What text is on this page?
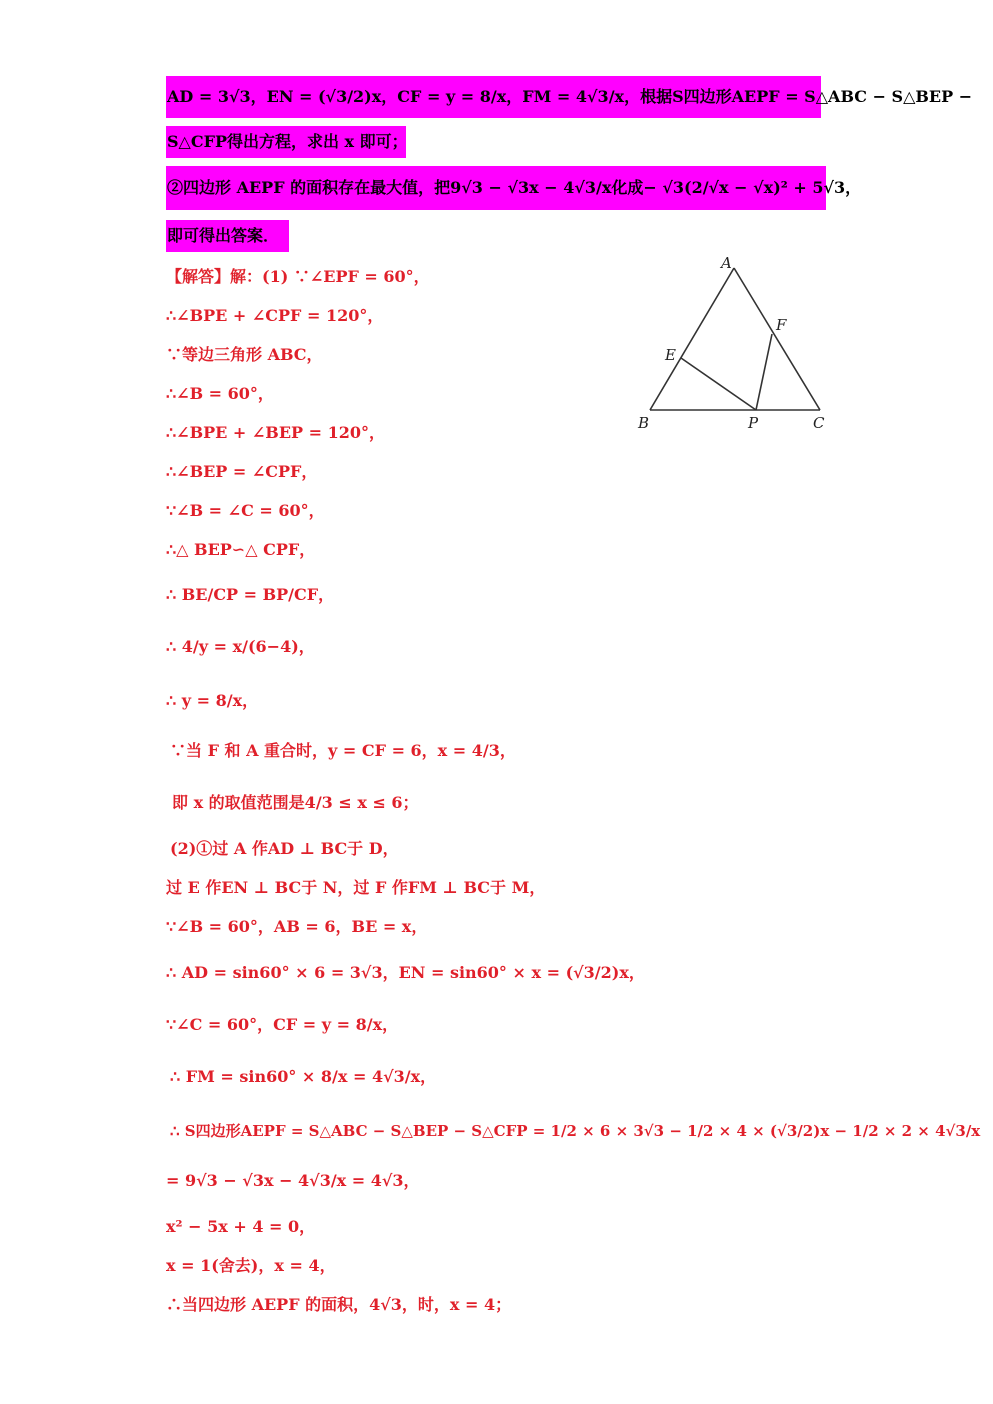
AD = 3√3，EN = (√3/2)x，CF = y = 8/x，FM = 4√3/x，根据S四边形AEPF = S△ABC − S△BEP −
S△CFP得出方程，求出 x 即可；
②四边形 AEPF 的面积存在最大值，把9√3 − √3x − 4√3/x化成− √3(2/√x − √x)² + 5√3，
即可得出答案．
【解答】解：(1) ∵∠EPF = 60°，
∴∠BPE + ∠CPF = 120°，
∵等边三角形 ABC，
∴∠B = 60°，
∴∠BPE + ∠BEP = 120°，
∴∠BEP = ∠CPF，
∵∠B = ∠C = 60°，
∴△ BEP∽△ CPF，
∴ BE/CP = BP/CF，
∴ 4/y = x/(6−4)，
∴ y = 8/x，
∵当 F 和 A 重合时，y = CF = 6，x = 4/3，
即 x 的取值范围是4/3 ≤ x ≤ 6；
(2)①过 A 作AD ⊥ BC于 D，
过 E 作EN ⊥ BC于 N，过 F 作FM ⊥ BC于 M，
∵∠B = 60°，AB = 6，BE = x，
∴ AD = sin60° × 6 = 3√3，EN = sin60° × x = (√3/2)x，
∵∠C = 60°，CF = y = 8/x，
∴ FM = sin60° × 8/x = 4√3/x，
∴ S四边形AEPF = S△ABC − S△BEP − S△CFP = 1/2 × 6 × 3√3 − 1/2 × 4 × (√3/2)x − 1/2 × 2 × 4√3/x
= 9√3 − √3x − 4√3/x = 4√3，
x² − 5x + 4 = 0，
x = 1(舍去)，x = 4，
∴当四边形 AEPF 的面积，4√3，时，x = 4；
A
B	C
E
F
P
